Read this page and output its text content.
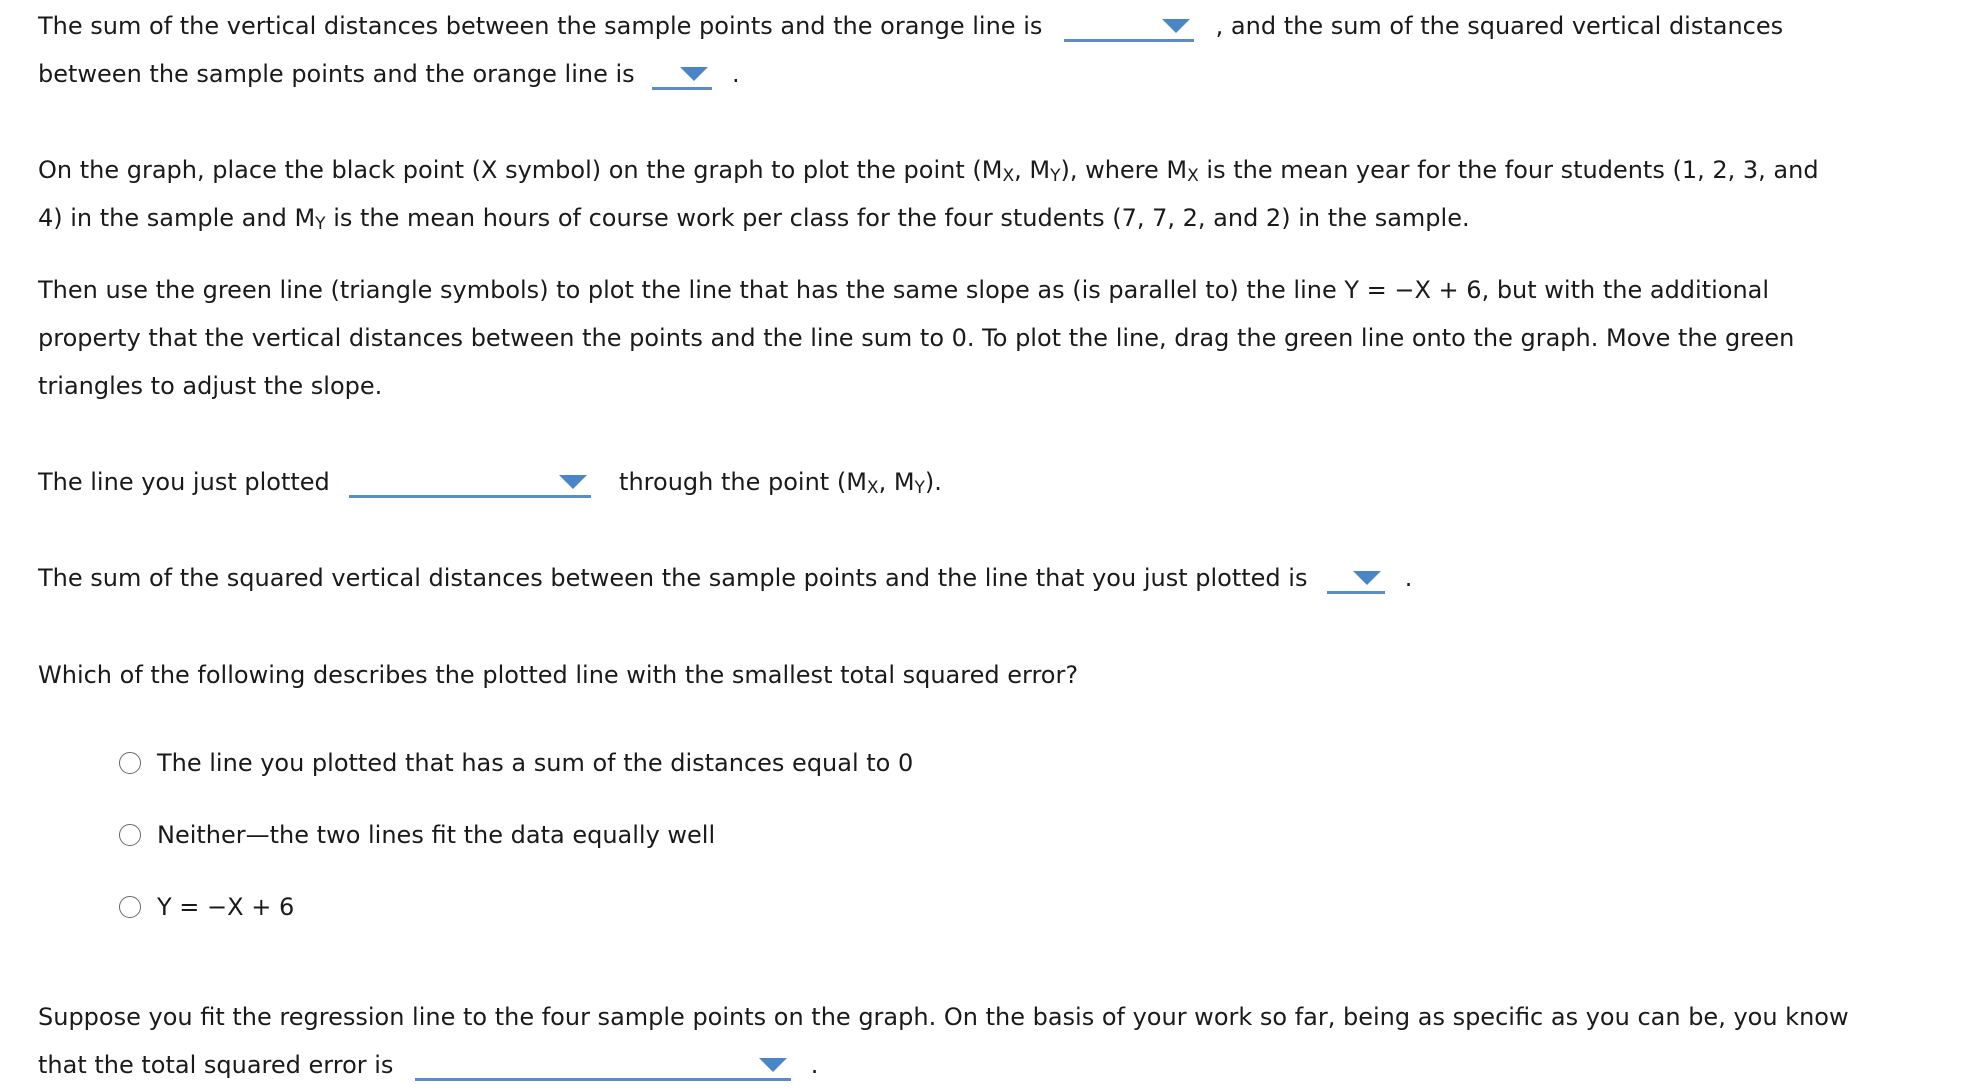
The sum of the vertical distances between the sample points and the orange line is	, and the sum of the squared vertical distances

between the sample points and the orange line is	.

On the graph, place the black point (X symbol) on the graph to plot the point (MX, MY), where MX is the mean year for the four students (1, 2, 3, and

4) in the sample and MY is the mean hours of course work per class for the four students (7, 7, 2, and 2) in the sample.

Then use the green line (triangle symbols) to plot the line that has the same slope as (is parallel to) the line Y = −X + 6, but with the additional

property that the vertical distances between the points and the line sum to 0. To plot the line, drag the green line onto the graph. Move the green

triangles to adjust the slope.

The line you just plotted	through the point (MX, MY).

The sum of the squared vertical distances between the sample points and the line that you just plotted is	.

Which of the following describes the plotted line with the smallest total squared error?

The line you plotted that has a sum of the distances equal to 0
Neither—the two lines fit the data equally well
Y = −X + 6

Suppose you fit the regression line to the four sample points on the graph. On the basis of your work so far, being as specific as you can be, you know

that the total squared error is	.
